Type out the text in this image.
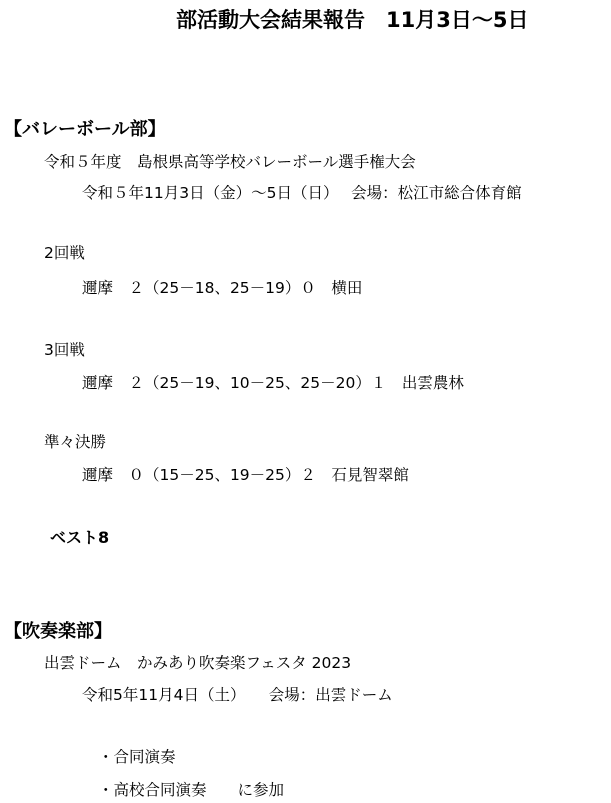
部活動大会結果報告　11月3日～5日
【バレーボール部】
令和５年度　島根県高等学校バレーボール選手権大会
令和５年11月3日（金）～5日（日）　 会場：松江市総合体育館
2回戦
邇摩　２（25－18、25－19）０　横田
3回戦
邇摩　２（25－19、10－25、25－20）１　出雲農林
準々決勝
邇摩　０（15－25、19－25）２　石見智翠館
ベスト8
【吹奏楽部】
出雲ドーム　かみあり吹奏楽フェスタ 2023
令和5年11月4日（土）　　会場：出雲ドーム
・合同演奏
・高校合同演奏　　に参加
